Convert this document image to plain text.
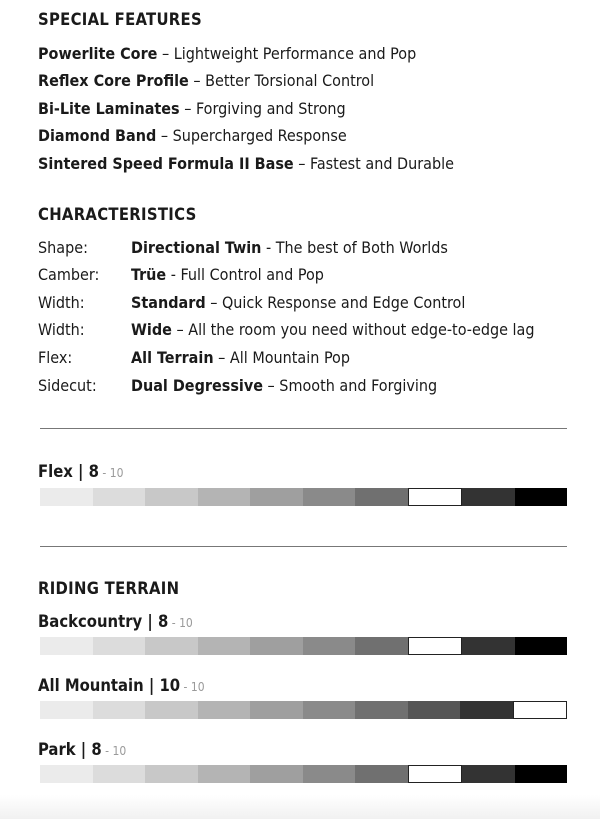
SPECIAL FEATURES
Powerlite Core – Lightweight Performance and Pop
Reflex Core Profile – Better Torsional Control
Bi-Lite Laminates – Forgiving and Strong
Diamond Band – Supercharged Response
Sintered Speed Formula II Base – Fastest and Durable
CHARACTERISTICS
Shape:	Directional Twin - The best of Both Worlds
Camber: Trüe - Full Control and Pop
Width:	Standard – Quick Response and Edge Control
Width:	Wide – All the room you need without edge-to-edge lag
Flex:	All Terrain – All Mountain Pop
Sidecut: Dual Degressive – Smooth and Forgiving
Flex | 8 - 10
RIDING TERRAIN
Backcountry | 8 - 10
All Mountain | 10 - 10
Park | 8 - 10
